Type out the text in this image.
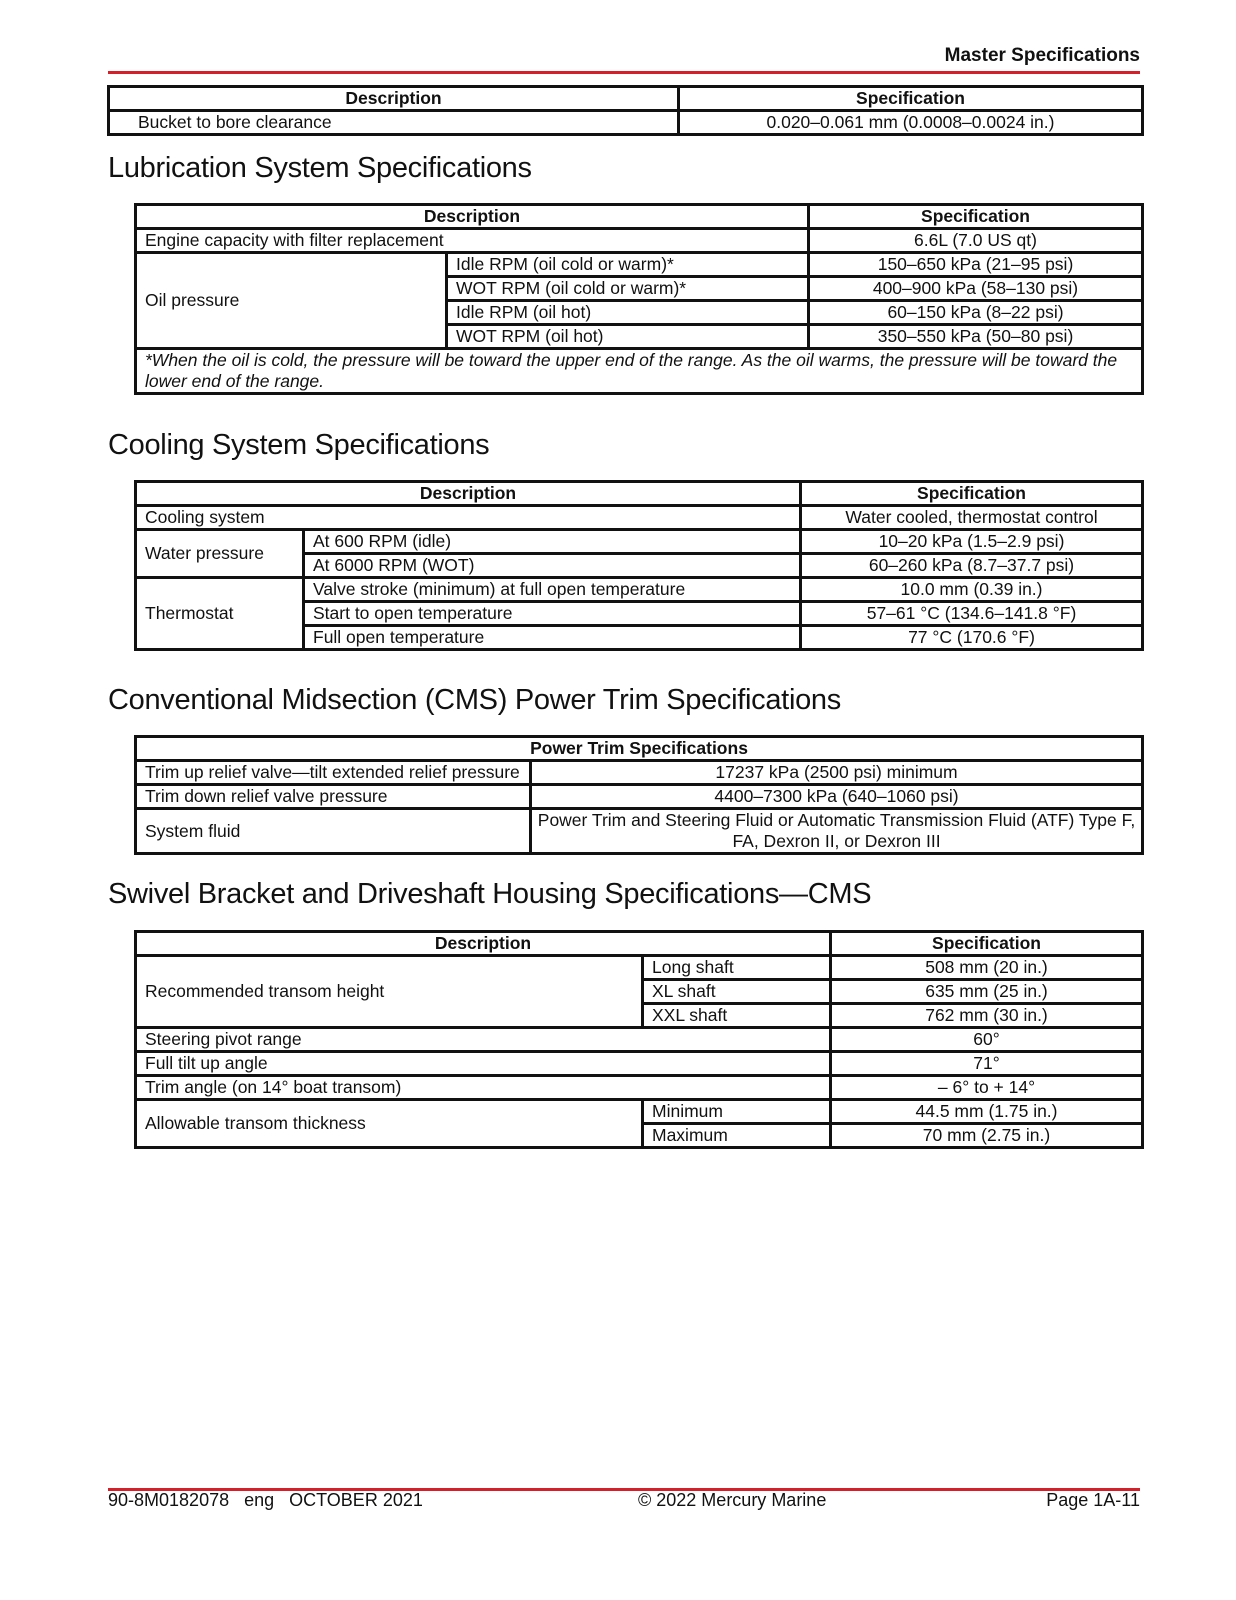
Master Specifications
Description	Specification
Bucket to bore clearance	0.020–0.061 mm (0.0008–0.0024 in.)
Lubrication System Specifications
Description		Specification
Engine capacity with filter replacement		6.6L (7.0 US qt)
Oil pressure	Idle RPM (oil cold or warm)*	150–650 kPa (21–95 psi)
	WOT RPM (oil cold or warm)*	400–900 kPa (58–130 psi)
	Idle RPM (oil hot)	60–150 kPa (8–22 psi)
	WOT RPM (oil hot)	350–550 kPa (50–80 psi)
*When the oil is cold, the pressure will be toward the upper end of the range. As the oil warms, the pressure will be toward the lower end of the range.		
Cooling System Specifications
Description		Specification
Cooling system		Water cooled, thermostat control
Water pressure	At 600 RPM (idle)	10–20 kPa (1.5–2.9 psi)
	At 6000 RPM (WOT)	60–260 kPa (8.7–37.7 psi)
Thermostat	Valve stroke (minimum) at full open temperature	10.0 mm (0.39 in.)
	Start to open temperature	57–61 °C (134.6–141.8 °F)
	Full open temperature	77 °C (170.6 °F)
Conventional Midsection (CMS) Power Trim Specifications
Power Trim Specifications	
Trim up relief valve—tilt extended relief pressure	17237 kPa (2500 psi) minimum
Trim down relief valve pressure	4400–7300 kPa (640–1060 psi)
System fluid	Power Trim and Steering Fluid or Automatic Transmission Fluid (ATF) Type F, FA, Dexron II, or Dexron III
Swivel Bracket and Driveshaft Housing Specifications—CMS
Description		Specification
Recommended transom height	Long shaft	508 mm (20 in.)
	XL shaft	635 mm (25 in.)
	XXL shaft	762 mm (30 in.)
Steering pivot range		60°
Full tilt up angle		71°
Trim angle (on 14° boat transom)		– 6° to + 14°
Allowable transom thickness	Minimum	44.5 mm (1.75 in.)
	Maximum	70 mm (2.75 in.)
90-8M0182078   eng   OCTOBER 2021	© 2022 Mercury Marine	Page 1A-11
